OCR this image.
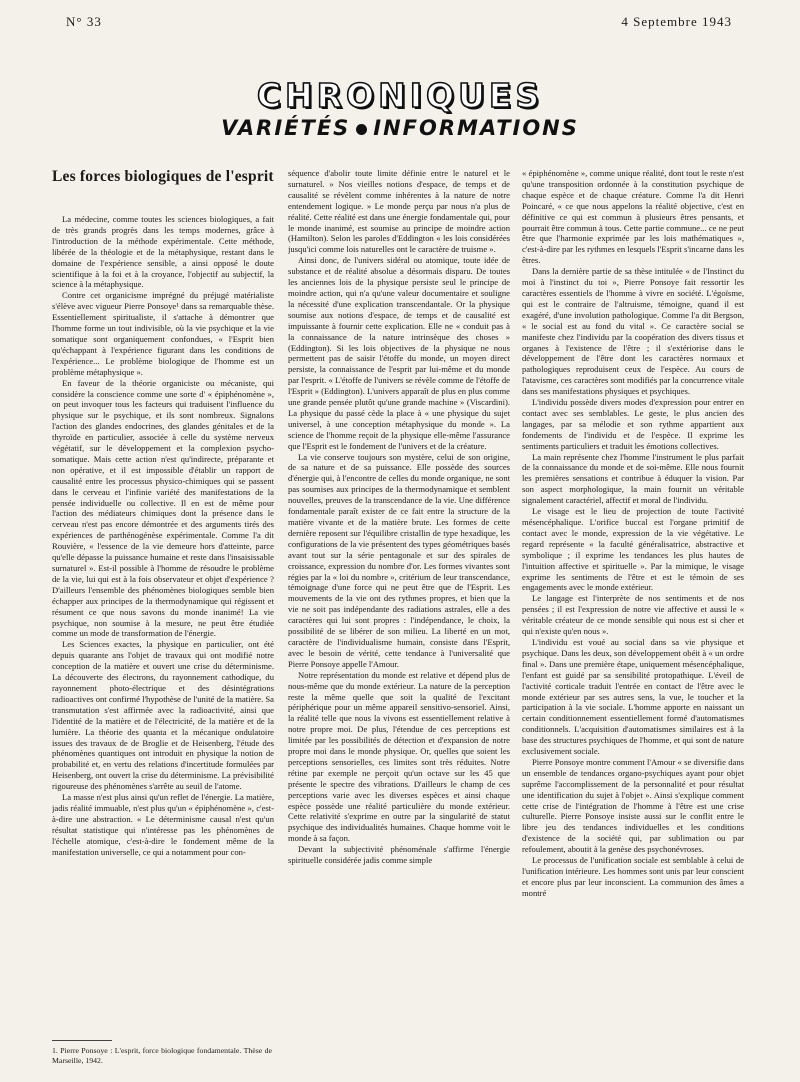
N° 33	4 Septembre 1943
CHRONIQUES
VARIÉTÉS INFORMATIONS
Les forces biologiques de l'esprit

La médecine, comme toutes les sciences biologiques, a fait de très grands progrès dans les temps modernes, grâce à l'introduction de la méthode expérimentale. Cette méthode, libérée de la théologie et de la métaphysique, restant dans le domaine de l'expérience sensible, a ainsi opposé le doute scientifique à la foi et à la croyance, l'objectif au subjectif, la science à la métaphysique.

Contre cet organicisme imprégné du préjugé matérialiste s'élève avec vigueur Pierre Ponsoye¹ dans sa remarquable thèse. Essentiellement spiritualiste, il s'attache à démontrer que l'homme forme un tout indivisible, où la vie psychique et la vie somatique sont organiquement confondues, « l'Esprit bien qu'échappant à l'expérience figurant dans les conditions de l'expérience... Le problème biologique de l'homme est un problème métaphysique ».

En faveur de la théorie organiciste ou mécaniste, qui considère la conscience comme une sorte d' « épiphénomène », on peut invoquer tous les facteurs qui traduisent l'influence du physique sur le psychique, et ils sont nombreux. Signalons l'action des glandes endocrines, des glandes génitales et de la thyroïde en particulier, associée à celle du système nerveux végétatif, sur le développement et la complexion psycho-somatique. Mais cette action n'est qu'indirecte, préparante et non opérative, et il est impossible d'établir un rapport de causalité entre les processus physico-chimiques qui se passent dans le cerveau et l'infinie variété des manifestations de la pensée individuelle ou collective. Il en est de même pour l'action des médiateurs chimiques dont la présence dans le cerveau n'est pas encore démontrée et des arguments tirés des expériences de parthénogénèse expérimentale. Comme l'a dit Rouvière, « l'essence de la vie demeure hors d'atteinte, parce qu'elle dépasse la puissance humaine et reste dans l'insaisissable surnaturel ». Est-il possible à l'homme de résoudre le problème de la vie, lui qui est à la fois observateur et objet d'expérience ? D'ailleurs l'ensemble des phénomènes biologiques semble bien échapper aux principes de la thermodynamique qui régissent et résument ce que nous savons du monde inanimé! La vie psychique, non soumise à la mesure, ne peut être étudiée comme un mode de transformation de l'énergie.

Les Sciences exactes, la physique en particulier, ont été depuis quarante ans l'objet de travaux qui ont modifié notre conception de la matière et ouvert une crise du déterminisme. La découverte des électrons, du rayonnement cathodique, du rayonnement photo-électrique et des désintégrations radioactives ont confirmé l'hypothèse de l'unité de la matière. Sa transmutation s'est affirmée avec la radioactivité, ainsi que l'identité de la matière et de l'électricité, de la matière et de la lumière. La théorie des quanta et la mécanique ondulatoire issues des travaux de de Broglie et de Heisenberg, l'étude des phénomènes quantiques ont introduit en physique la notion de probabilité et, en vertu des relations d'incertitude formulées par Heisenberg, ont ouvert la crise du déterminisme. La prévisibilité rigoureuse des phénomènes s'arrête au seuil de l'atome.

La masse n'est plus ainsi qu'un reflet de l'énergie. La matière, jadis réalité immuable, n'est plus qu'un « épiphénomène », c'est-à-dire une abstraction. « Le déterminisme causal n'est qu'un résultat statistique qui n'intéresse pas les phénomènes de l'échelle atomique, c'est-à-dire le fondement même de la manifestation universelle, ce qui a notamment pour con-

séquence d'abolir toute limite définie entre le naturel et le surnaturel. » Nos vieilles notions d'espace, de temps et de causalité se révèlent comme inhérentes à la nature de notre entendement logique. » Le monde perçu par nous n'a plus de réalité. Cette réalité est dans une énergie fondamentale qui, pour le monde inanimé, est soumise au principe de moindre action (Hamilton). Selon les paroles d'Eddington « les lois considérées jusqu'ici comme lois naturelles ont le caractère de truisme ».

Ainsi donc, de l'univers sidéral ou atomique, toute idée de substance et de réalité absolue a désormais disparu. De toutes les anciennes lois de la physique persiste seul le principe de moindre action, qui n'a qu'une valeur documentaire et souligne la nécessité d'une explication transcendantale. Or la physique soumise aux notions d'espace, de temps et de causalité est impuissante à fournir cette explication. Elle ne « conduit pas à la connaissance de la nature intrinsèque des choses » (Eddington). Si les lois objectives de la physique ne nous permettent pas de saisir l'étoffe du monde, un moyen direct persiste, la connaissance de l'esprit par lui-même et du monde par l'esprit. « L'étoffe de l'univers se révèle comme de l'étoffe de l'Esprit » (Eddington). L'univers apparaît de plus en plus comme une grande pensée plutôt qu'une grande machine » (Viscardini). La physique du passé cède la place à « une physique du sujet universel, à une conception métaphysique du monde ». La science de l'homme reçoit de la physique elle-même l'assurance que l'Esprit est le fondement de l'univers et de la créature.

La vie conserve toujours son mystère, celui de son origine, de sa nature et de sa puissance. Elle possède des sources d'énergie qui, à l'encontre de celles du monde organique, ne sont pas soumises aux principes de la thermodynamique et semblent nouvelles, preuves de la transcendance de la vie. Une différence fondamentale paraît exister de ce fait entre la structure de la matière vivante et de la matière brute. Les formes de cette dernière reposent sur l'équilibre cristallin de type hexadique, les configurations de la vie présentent des types géométriques basés avant tout sur la série pentagonale et sur des spirales de croissance, expression du nombre d'or. Les formes vivantes sont régies par la « loi du nombre », critérium de leur transcendance, témoignage d'une force qui ne peut être que de l'Esprit. Les mouvements de la vie ont des rythmes propres, et bien que la vie ne soit pas indépendante des radiations astrales, elle a des caractères qui lui sont propres : l'indépendance, le choix, la possibilité de se libérer de son milieu. La liberté en un mot, caractère de l'individualisme humain, consiste dans l'Esprit, avec le besoin de vérité, cette tendance à l'universalité que Pierre Ponsoye appelle l'Amour.

Notre représentation du monde est relative et dépend plus de nous-même que du monde extérieur. La nature de la perception reste la même quelle que soit la qualité de l'excitant périphérique pour un même appareil sensitivo-sensoriel. Ainsi, la réalité telle que nous la vivons est essentiellement relative à notre propre moi. De plus, l'étendue de ces perceptions est limitée par les possibilités de détection et d'expansion de notre propre moi dans le monde physique. Or, quelles que soient les perceptions sensorielles, ces limites sont très réduites. Notre rétine par exemple ne perçoit qu'un octave sur les 45 que présente le spectre des vibrations. D'ailleurs le champ de ces perceptions varie avec les diverses espèces et ainsi chaque espèce possède une réalité particulière du monde extérieur. Cette relativité s'exprime en outre par la singularité de statut psychique des individualités humaines. Chaque homme voit le monde à sa façon.

Devant la subjectivité phénoménale s'affirme l'énergie spirituelle considérée jadis comme simple

« épiphénomène », comme unique réalité, dont tout le reste n'est qu'une transposition ordonnée à la constitution psychique de chaque espèce et de chaque créature. Comme l'a dit Henri Poincaré, « ce que nous appelons la réalité objective, c'est en définitive ce qui est commun à plusieurs êtres pensants, et pourrait être commun à tous. Cette partie commune... ce ne peut être que l'harmonie exprimée par les lois mathématiques », c'est-à-dire par les rythmes en lesquels l'Esprit s'incarne dans les êtres.

Dans la dernière partie de sa thèse intitulée « de l'Instinct du moi à l'instinct du toi », Pierre Ponsoye fait ressortir les caractères essentiels de l'homme à vivre en société. L'égoïsme, qui est le contraire de l'altruisme, témoigne, quand il est exagéré, d'une involution pathologique. Comme l'a dit Bergson, « le social est au fond du vital ». Ce caractère social se manifeste chez l'individu par la coopération des divers tissus et organes à l'existence de l'être ; il s'extériorise dans le développement de l'être dont les caractères normaux et pathologiques reproduisent ceux de l'espèce. Au cours de l'atavisme, ces caractères sont modifiés par la concurrence vitale dans ses manifestations physiques et psychiques.

L'individu possède divers modes d'expression pour entrer en contact avec ses semblables. Le geste, le plus ancien des langages, par sa mélodie et son rythme appartient aux fondements de l'individu et de l'espèce. Il exprime les sentiments particuliers et traduit les émotions collectives.

La main représente chez l'homme l'instrument le plus parfait de la connaissance du monde et de soi-même. Elle nous fournit les premières sensations et contribue à éduquer la vision. Par son aspect morphologique, la main fournit un véritable signalement caractériel, affectif et moral de l'individu.

Le visage est le lieu de projection de toute l'activité mésencéphalique. L'orifice buccal est l'organe primitif de contact avec le monde, expression de la vie végétative. Le regard représente « la faculté généralisatrice, abstractive et symbolique ; il exprime les tendances les plus hautes de l'intuition affective et spirituelle ». Par la mimique, le visage exprime les sentiments de l'être et est le témoin de ses engagements avec le monde extérieur.

Le langage est l'interprète de nos sentiments et de nos pensées ; il est l'expression de notre vie affective et aussi le « véritable créateur de ce monde sensible qui nous est si cher et qui n'existe qu'en nous ».

L'individu est voué au social dans sa vie physique et psychique. Dans les deux, son développement obéit à « un ordre final ». Dans une première étape, uniquement mésencéphalique, l'enfant est guidé par sa sensibilité protopathique. L'éveil de l'activité corticale traduit l'entrée en contact de l'être avec le monde extérieur par ses autres sens, la vue, le toucher et la participation à la vie sociale. L'homme apporte en naissant un certain conditionnement essentiellement formé d'automatismes conditionnels. L'acquisition d'automatismes similaires est à la base des structures psychiques de l'homme, et qui sont de nature exclusivement sociale.

Pierre Ponsoye montre comment l'Amour « se diversifie dans un ensemble de tendances organo-psychiques ayant pour objet suprême l'accomplissement de la personnalité et pour résultat une identification du sujet à l'objet ». Ainsi s'explique comment cette crise de l'intégration de l'homme à l'être est une crise culturelle. Pierre Ponsoye insiste aussi sur le conflit entre le libre jeu des tendances individuelles et les conditions d'existence de la société qui, par sublimation ou par refoulement, aboutit à la genèse des psychonévroses.

Le processus de l'unification sociale est semblable à celui de l'unification intérieure. Les hommes sont unis par leur conscient et encore plus par leur inconscient. La communion des âmes a montré

1. Pierre Ponsoye : L'esprit, force biologique fondamentale. Thèse de Marseille, 1942.
